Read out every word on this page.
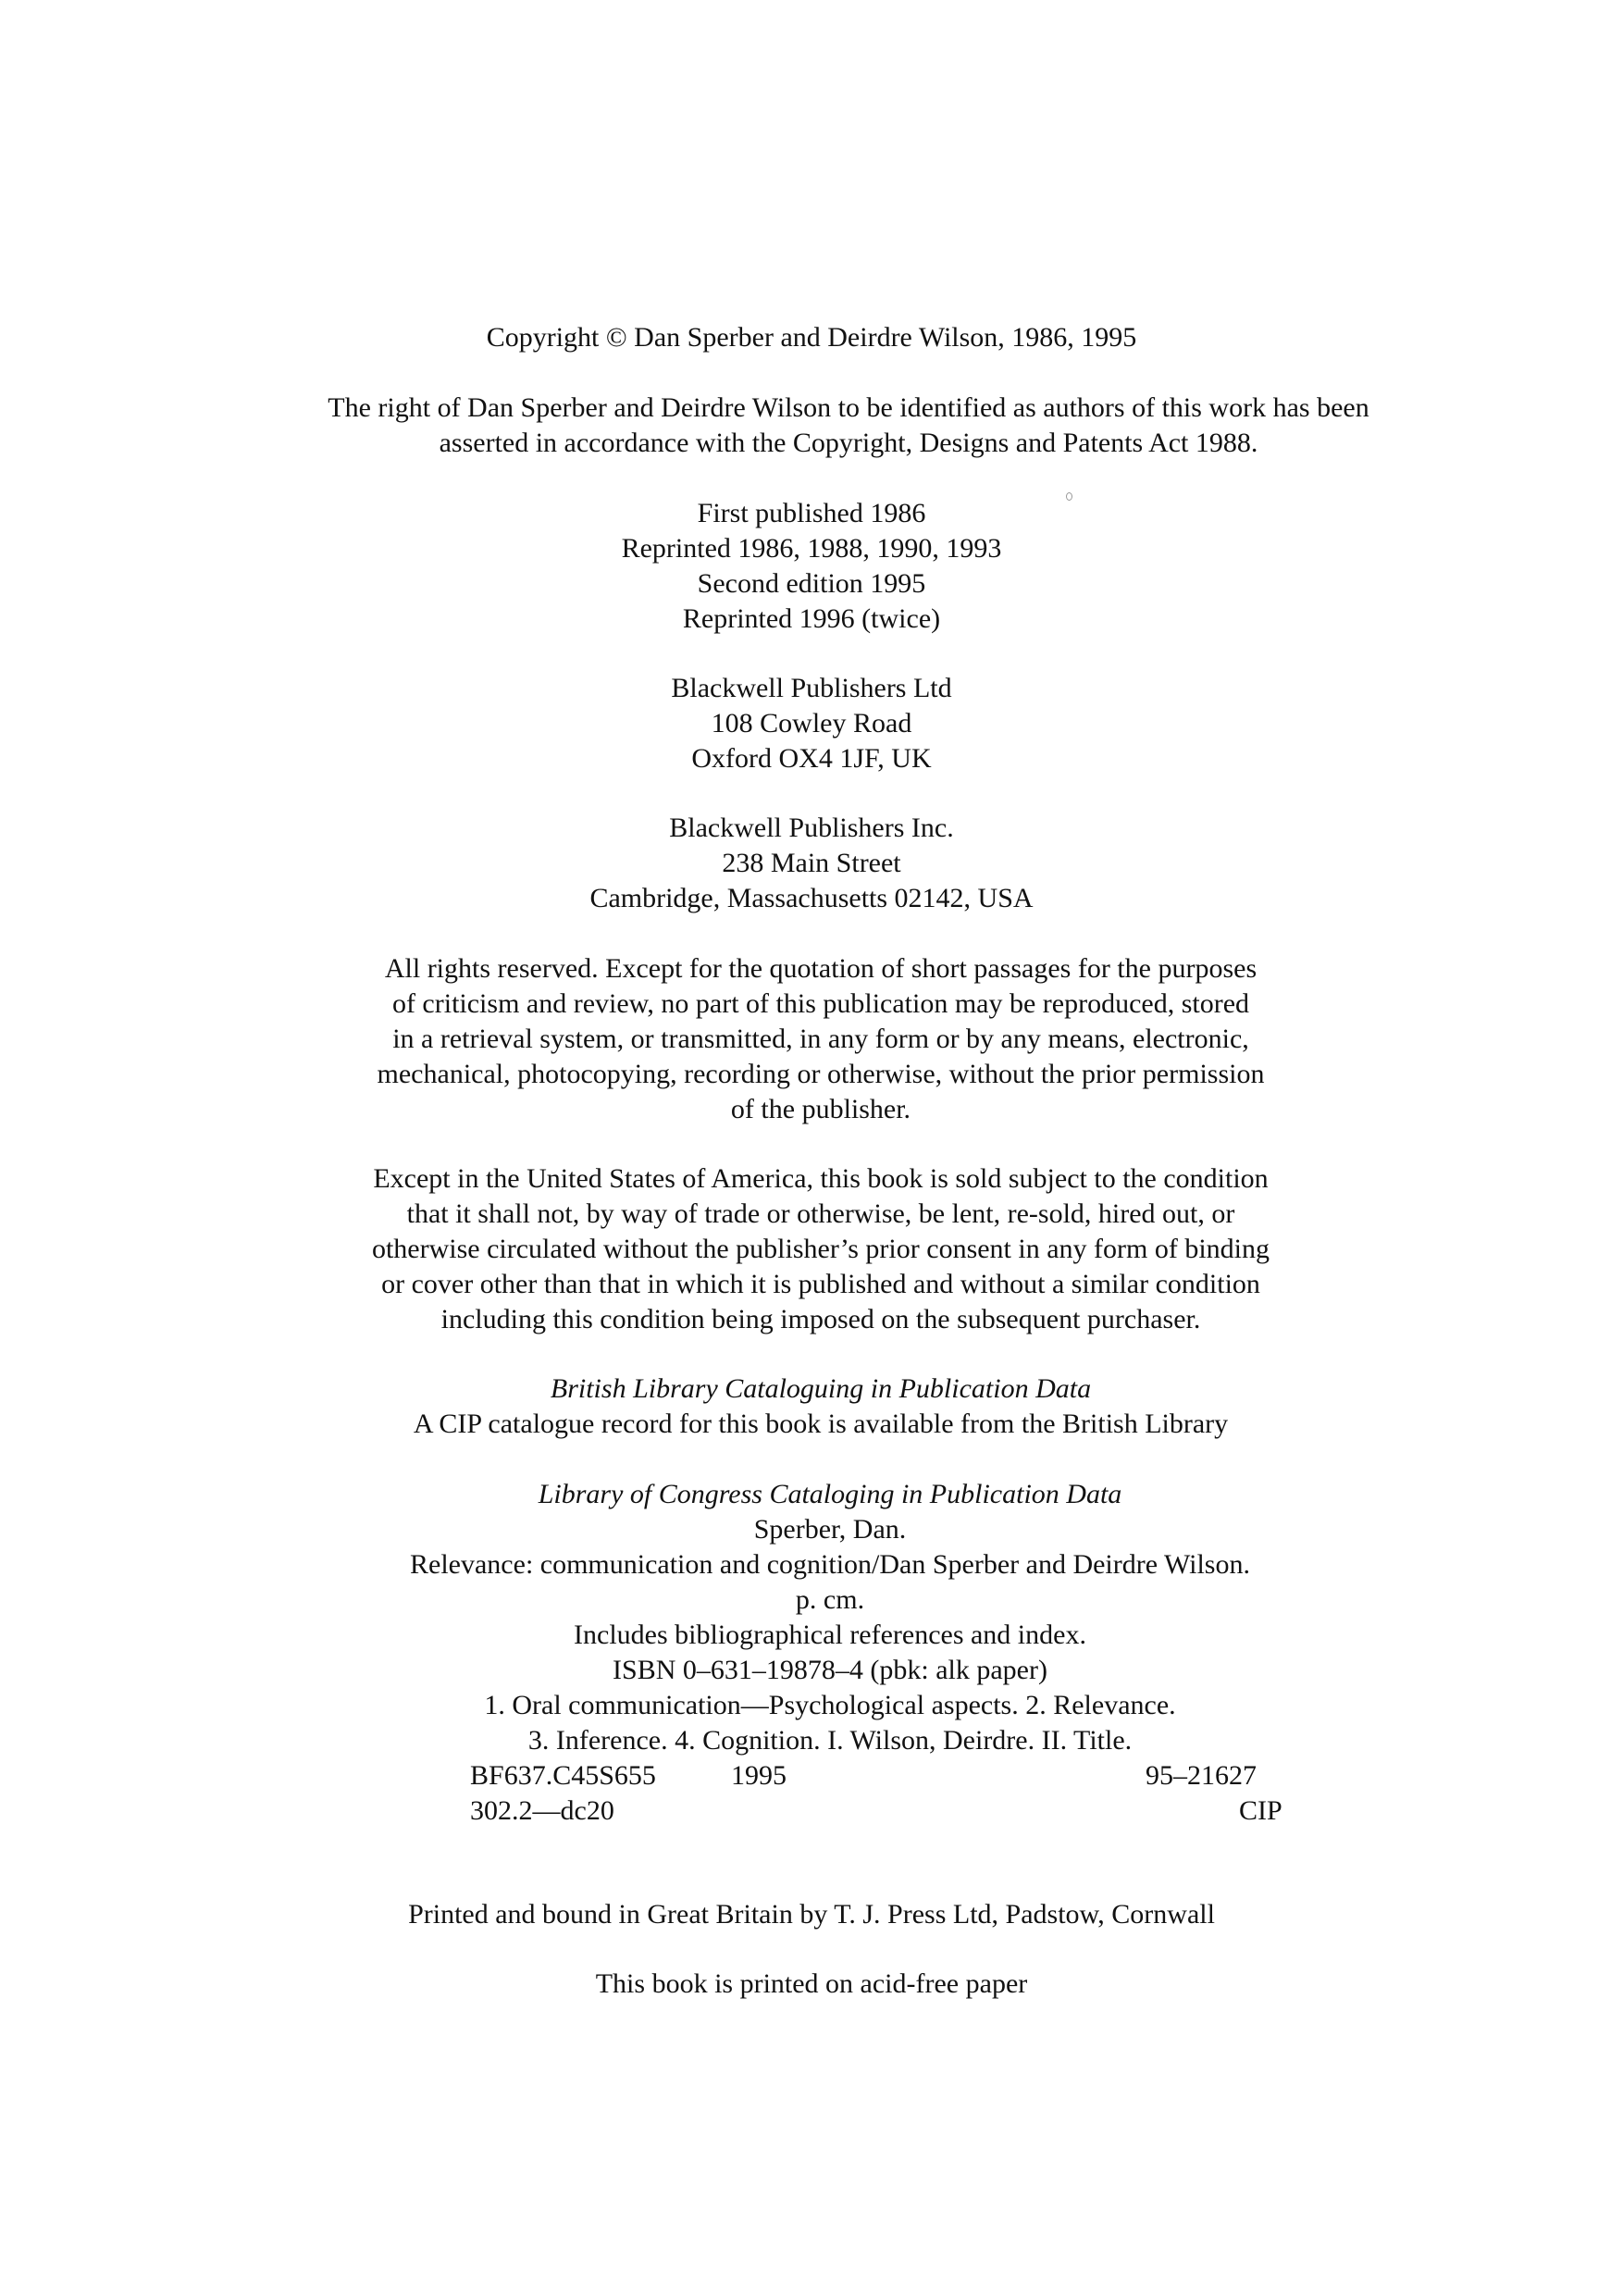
Copyright © Dan Sperber and Deirdre Wilson, 1986, 1995
The right of Dan Sperber and Deirdre Wilson to be identified as authors of this work has been
asserted in accordance with the Copyright, Designs and Patents Act 1988.
First published 1986
Reprinted 1986, 1988, 1990, 1993
Second edition 1995
Reprinted 1996 (twice)
Blackwell Publishers Ltd
108 Cowley Road
Oxford OX4 1JF, UK
Blackwell Publishers Inc.
238 Main Street
Cambridge, Massachusetts 02142, USA
All rights reserved. Except for the quotation of short passages for the purposes
of criticism and review, no part of this publication may be reproduced, stored
in a retrieval system, or transmitted, in any form or by any means, electronic,
mechanical, photocopying, recording or otherwise, without the prior permission
of the publisher.
Except in the United States of America, this book is sold subject to the condition
that it shall not, by way of trade or otherwise, be lent, re-sold, hired out, or
otherwise circulated without the publisher’s prior consent in any form of binding
or cover other than that in which it is published and without a similar condition
including this condition being imposed on the subsequent purchaser.
British Library Cataloguing in Publication Data
A CIP catalogue record for this book is available from the British Library
Library of Congress Cataloging in Publication Data
Sperber, Dan.
Relevance: communication and cognition/Dan Sperber and Deirdre Wilson.
p. cm.
Includes bibliographical references and index.
ISBN 0–631–19878–4 (pbk: alk paper)
1. Oral communication—Psychological aspects. 2. Relevance.
3. Inference. 4. Cognition. I. Wilson, Deirdre. II. Title.
BF637.C45S655	1995	95–21627
302.2—dc20	CIP
Printed and bound in Great Britain by T. J. Press Ltd, Padstow, Cornwall
This book is printed on acid-free paper
